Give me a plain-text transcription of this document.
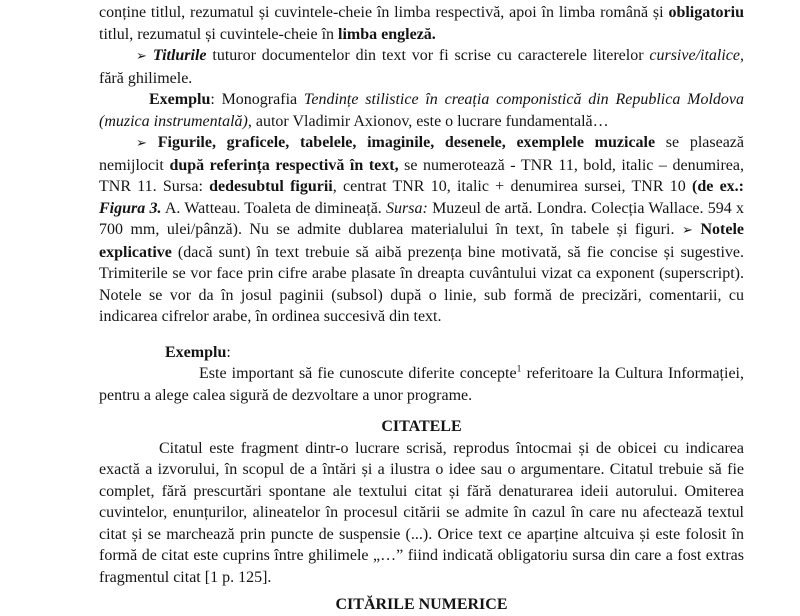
conține titlul, rezumatul și cuvintele-cheie în limba respectivă, apoi în limba română și obligatoriu titlul, rezumatul și cuvintele-cheie în limba engleză.

➢ Titlurile tuturor documentelor din text vor fi scrise cu caracterele literelor cursive/italice, fără ghilimele.

Exemplu: Monografia Tendințe stilistice în creația componistică din Republica Moldova (muzica instrumentală), autor Vladimir Axionov, este o lucrare fundamentală…

➢ Figurile, graficele, tabelele, imaginile, desenele, exemplele muzicale se plasează nemijlocit după referința respectivă în text, se numerotează - TNR 11, bold, italic – denumirea, TNR 11. Sursa: dedesubtul figurii, centrat TNR 10, italic + denumirea sursei, TNR 10 (de ex.: Figura 3. A. Watteau. Toaleta de dimineață. Sursa: Muzeul de artă. Londra. Colecția Wallace. 594 x 700 mm, ulei/pânză). Nu se admite dublarea materialului în text, în tabele și figuri. ➢ Notele explicative (dacă sunt) în text trebuie să aibă prezența bine motivată, să fie concise și sugestive. Trimiterile se vor face prin cifre arabe plasate în dreapta cuvântului vizat ca exponent (superscript). Notele se vor da în josul paginii (subsol) după o linie, sub formă de precizări, comentarii, cu indicarea cifrelor arabe, în ordinea succesivă din text.

Exemplu:

Este important să fie cunoscute diferite concepte$^1$ referitoare la Cultura Informației, pentru a alege calea sigură de dezvoltare a unor programe.

CITATELE

Citatul este fragment dintr-o lucrare scrisă, reprodus întocmai și de obicei cu indicarea exactă a izvorului, în scopul de a întări și a ilustra o idee sau o argumentare. Citatul trebuie să fie complet, fără prescurtări spontane ale textului citat și fără denaturarea ideii autorului. Omiterea cuvintelor, enunțurilor, alineatelor în procesul citării se admite în cazul în care nu afectează textul citat și se marchează prin puncte de suspensie (...). Orice text ce aparține altcuiva și este folosit în formă de citat este cuprins între ghilimele „…” fiind indicată obligatoriu sursa din care a fost extras fragmentul citat [1 p. 125].

CITĂRILE NUMERICE
